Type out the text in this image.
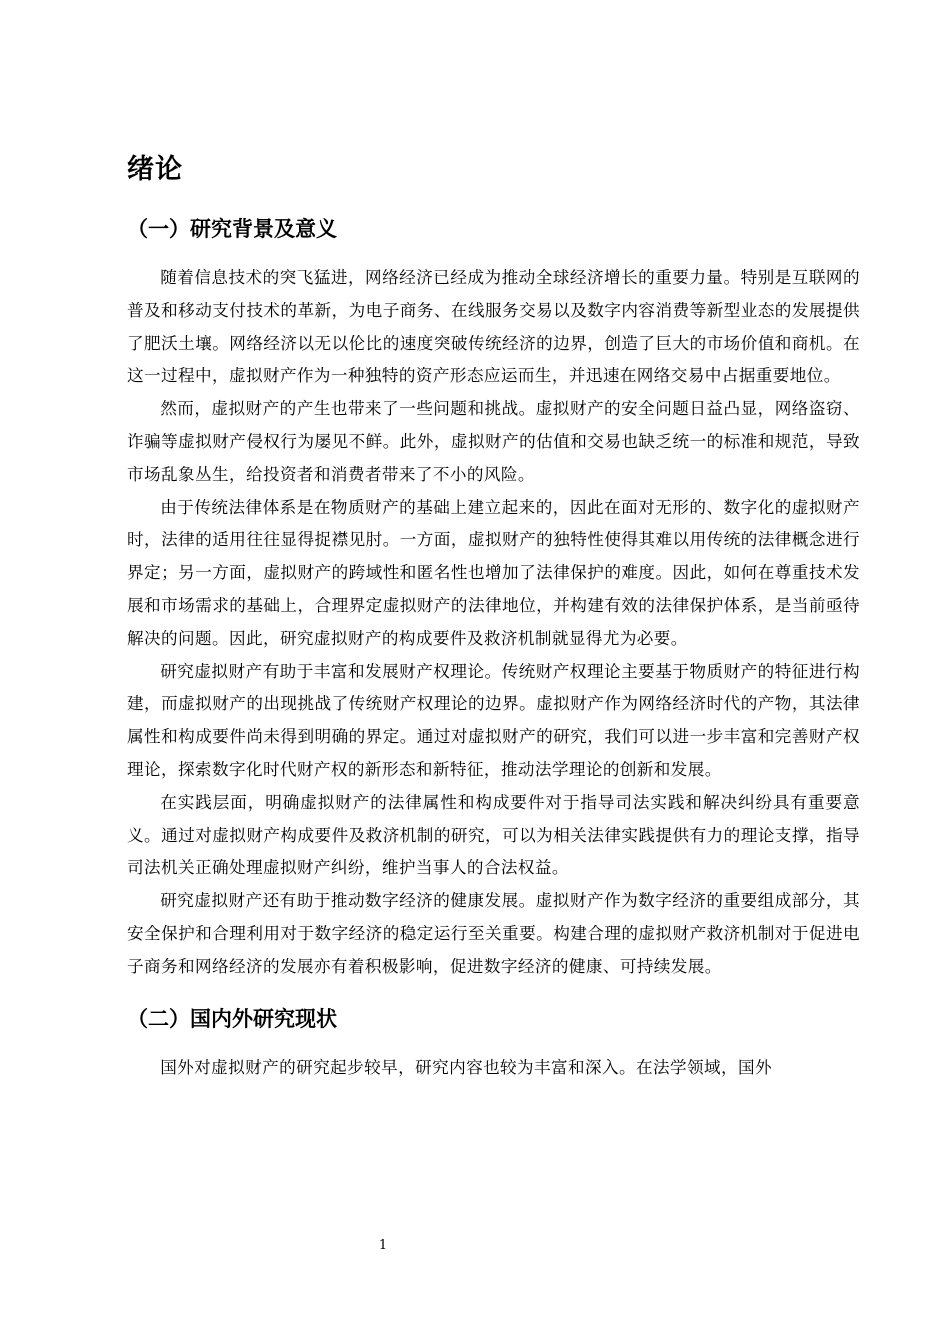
绪论
（一）研究背景及意义

随着信息技术的突飞猛进，网络经济已经成为推动全球经济增长的重要力量。特别是互联网的普及和移动支付技术的革新，为电子商务、在线服务交易以及数字内容消费等新型业态的发展提供了肥沃土壤。网络经济以无以伦比的速度突破传统经济的边界，创造了巨大的市场价值和商机。在这一过程中，虚拟财产作为一种独特的资产形态应运而生，并迅速在网络交易中占据重要地位。

然而，虚拟财产的产生也带来了一些问题和挑战。虚拟财产的安全问题日益凸显，网络盗窃、诈骗等虚拟财产侵权行为屡见不鲜。此外，虚拟财产的估值和交易也缺乏统一的标准和规范，导致市场乱象丛生，给投资者和消费者带来了不小的风险。

由于传统法律体系是在物质财产的基础上建立起来的，因此在面对无形的、数字化的虚拟财产时，法律的适用往往显得捉襟见肘。一方面，虚拟财产的独特性使得其难以用传统的法律概念进行界定；另一方面，虚拟财产的跨域性和匿名性也增加了法律保护的难度。因此，如何在尊重技术发展和市场需求的基础上，合理界定虚拟财产的法律地位，并构建有效的法律保护体系，是当前亟待解决的问题。因此，研究虚拟财产的构成要件及救济机制就显得尤为必要。

研究虚拟财产有助于丰富和发展财产权理论。传统财产权理论主要基于物质财产的特征进行构建，而虚拟财产的出现挑战了传统财产权理论的边界。虚拟财产作为网络经济时代的产物，其法律属性和构成要件尚未得到明确的界定。通过对虚拟财产的研究，我们可以进一步丰富和完善财产权理论，探索数字化时代财产权的新形态和新特征，推动法学理论的创新和发展。

在实践层面，明确虚拟财产的法律属性和构成要件对于指导司法实践和解决纠纷具有重要意义。通过对虚拟财产构成要件及救济机制的研究，可以为相关法律实践提供有力的理论支撑，指导司法机关正确处理虚拟财产纠纷，维护当事人的合法权益。

研究虚拟财产还有助于推动数字经济的健康发展。虚拟财产作为数字经济的重要组成部分，其安全保护和合理利用对于数字经济的稳定运行至关重要。构建合理的虚拟财产救济机制对于促进电子商务和网络经济的发展亦有着积极影响，促进数字经济的健康、可持续发展。

（二）国内外研究现状

国外对虚拟财产的研究起步较早，研究内容也较为丰富和深入。在法学领域，国外

1
